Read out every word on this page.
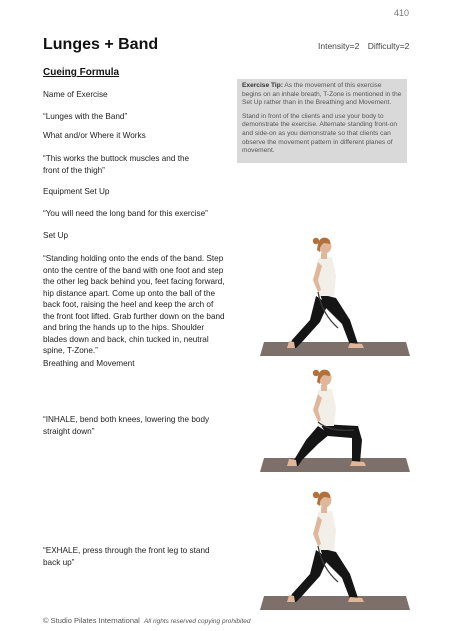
410
Lunges + Band	Intensity=2 Difficulty=2
Cueing Formula
Name of Exercise
“Lunges with the Band”
What and/or Where it Works
“This works the buttock muscles and the front of the thigh”
Equipment Set Up
“You will need the long band for this exercise”
Set Up
“Standing holding onto the ends of the band. Step onto the centre of the band with one foot and step the other leg back behind you, feet facing forward, hip distance apart. Come up onto the ball of the back foot, raising the heel and keep the arch of the front foot lifted. Grab further down on the band and bring the hands up to the hips. Shoulder blades down and back, chin tucked in, neutral spine, T-Zone.”
Breathing and Movement
“INHALE, bend both knees, lowering the body straight down”
“EXHALE, press through the front leg to stand back up”

Exercise Tip: As the movement of this exercise begins on an inhale breath, T-Zone is mentioned in the Set Up rather than in the Breathing and Movement.

Stand in front of the clients and use your body to demonstrate the exercise. Alternate standing front-on and side-on as you demonstrate so that clients can observe the movement pattern in different planes of movement.

© Studio Pilates International All rights reserved copying prohibited
